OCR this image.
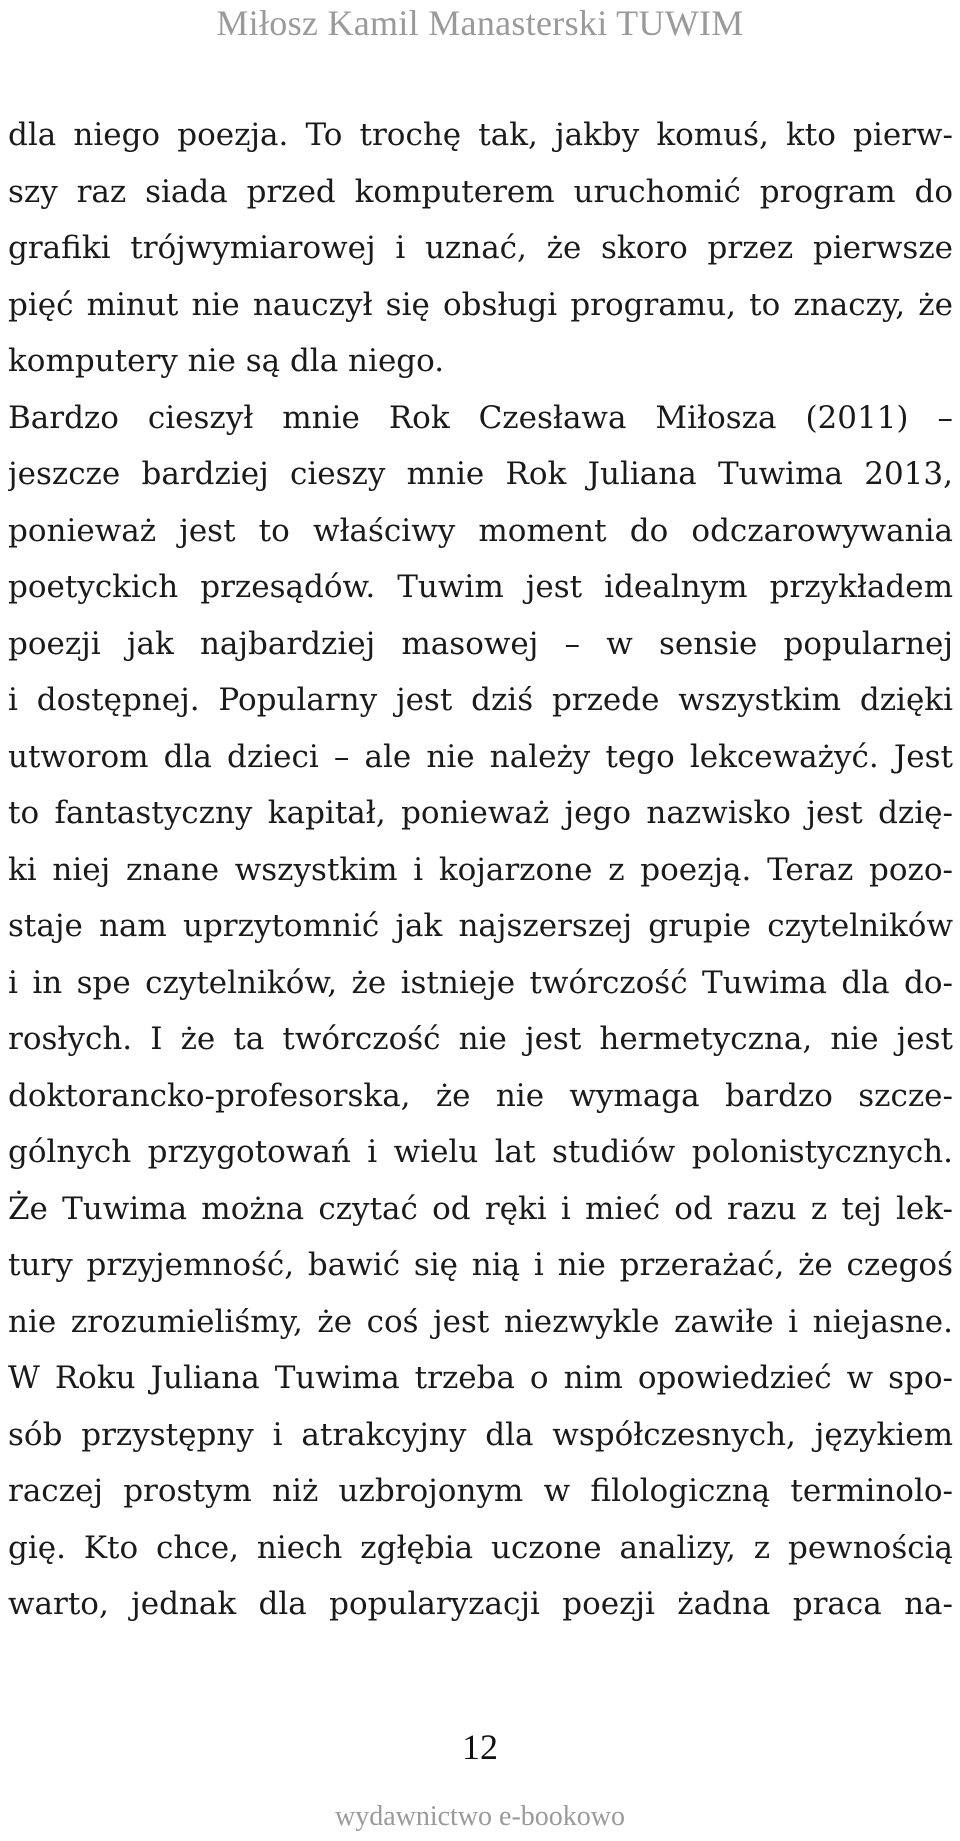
Miłosz Kamil Manasterski TUWIM
dla niego poezja. To trochę tak, jakby komuś, kto pierw-
szy raz siada przed komputerem uruchomić program do
grafiki trójwymiarowej i uznać, że skoro przez pierwsze
pięć minut nie nauczył się obsługi programu, to znaczy, że
komputery nie są dla niego.
Bardzo cieszył mnie Rok Czesława Miłosza (2011) –
jeszcze bardziej cieszy mnie Rok Juliana Tuwima 2013,
ponieważ jest to właściwy moment do odczarowywania
poetyckich przesądów. Tuwim jest idealnym przykładem
poezji jak najbardziej masowej – w sensie popularnej
i dostępnej. Popularny jest dziś przede wszystkim dzięki
utworom dla dzieci – ale nie należy tego lekceważyć. Jest
to fantastyczny kapitał, ponieważ jego nazwisko jest dzię-
ki niej znane wszystkim i kojarzone z poezją. Teraz pozo-
staje nam uprzytomnić jak najszerszej grupie czytelników
i in spe czytelników, że istnieje twórczość Tuwima dla do-
rosłych. I że ta twórczość nie jest hermetyczna, nie jest
doktorancko-profesorska, że nie wymaga bardzo szcze-
gólnych przygotowań i wielu lat studiów polonistycznych.
Że Tuwima można czytać od ręki i mieć od razu z tej lek-
tury przyjemność, bawić się nią i nie przerażać, że czegoś
nie zrozumieliśmy, że coś jest niezwykle zawiłe i niejasne.
W Roku Juliana Tuwima trzeba o nim opowiedzieć w spo-
sób przystępny i atrakcyjny dla współczesnych, językiem
raczej prostym niż uzbrojonym w filologiczną terminolo-
gię. Kto chce, niech zgłębia uczone analizy, z pewnością
warto, jednak dla popularyzacji poezji żadna praca na-
12
wydawnictwo e-bookowo
